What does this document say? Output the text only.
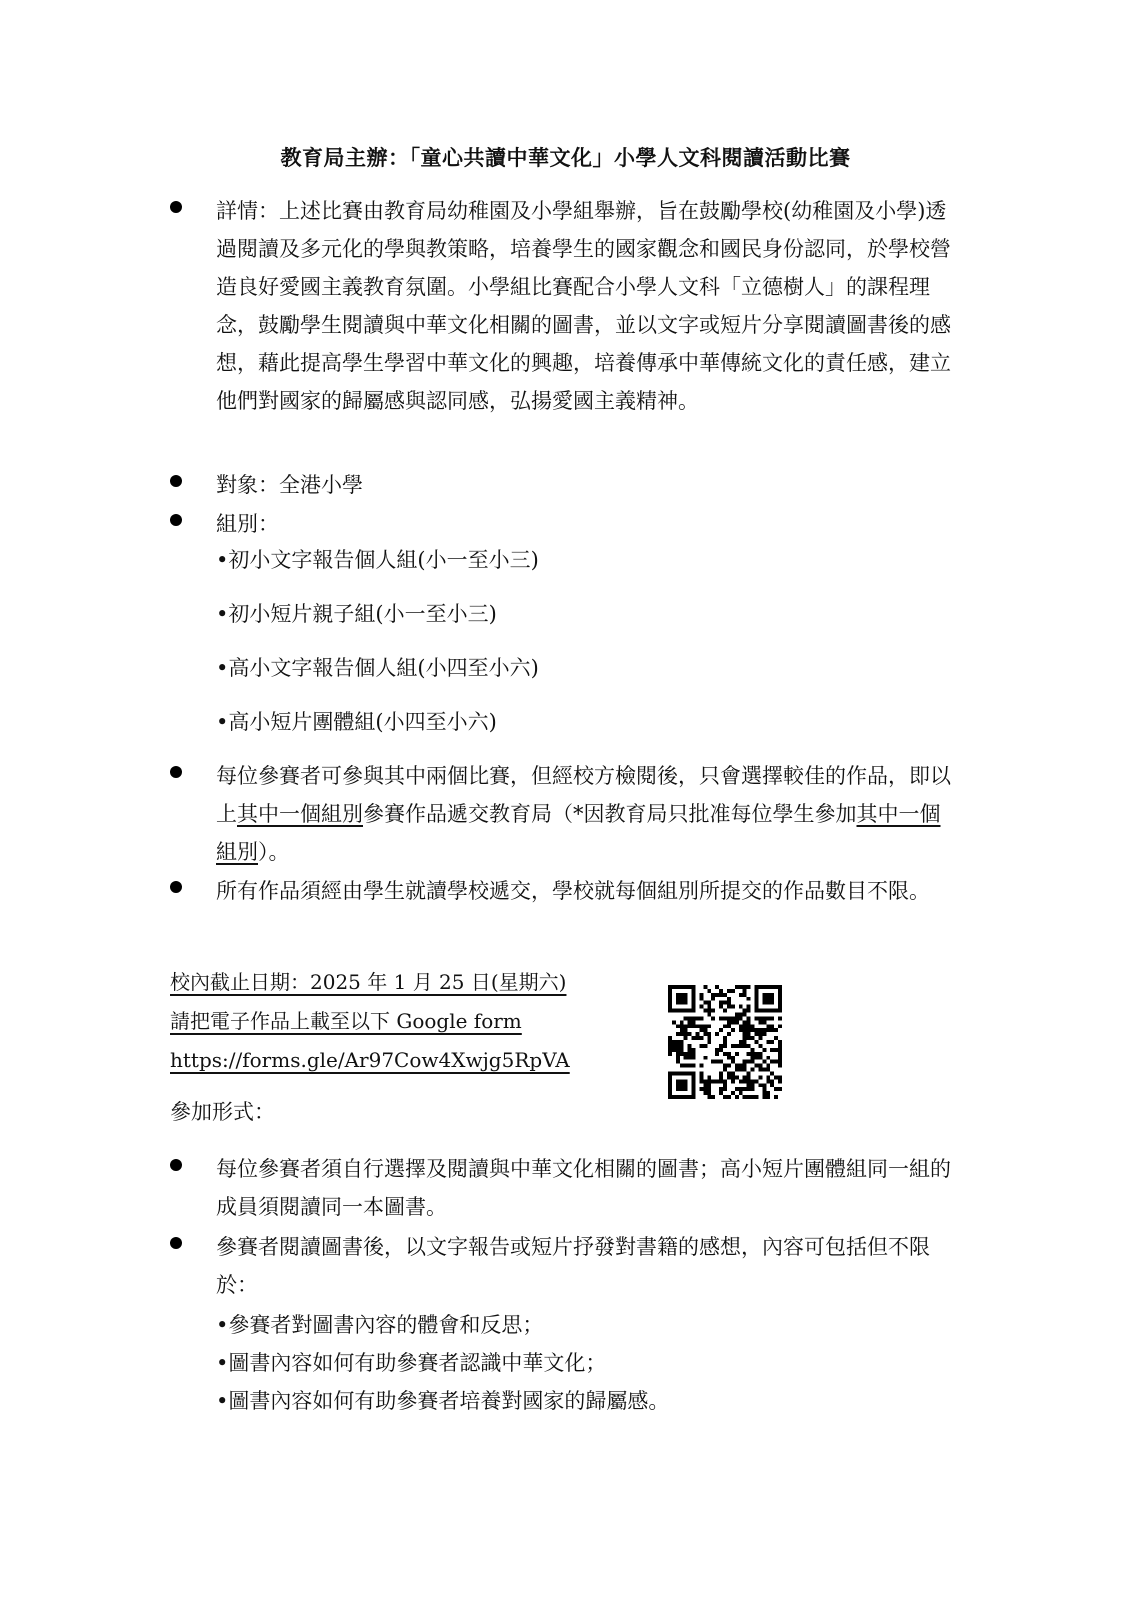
教育局主辦：「童心共讀中華文化」小學人文科閱讀活動比賽
詳情：上述比賽由教育局幼稚園及小學組舉辦，旨在鼓勵學校(幼稚園及小學)透過閱讀及多元化的學與教策略，培養學生的國家觀念和國民身份認同，於學校營造良好愛國主義教育氛圍。小學組比賽配合小學人文科「立德樹人」的課程理念，鼓勵學生閱讀與中華文化相關的圖書，並以文字或短片分享閱讀圖書後的感想，藉此提高學生學習中華文化的興趣，培養傳承中華傳統文化的責任感，建立他們對國家的歸屬感與認同感，弘揚愛國主義精神。
對象：全港小學
組別：
•初小文字報告個人組(小一至小三)
•初小短片親子組(小一至小三)
•高小文字報告個人組(小四至小六)
•高小短片團體組(小四至小六)
每位參賽者可參與其中兩個比賽，但經校方檢閱後，只會選擇較佳的作品，即以上其中一個組別參賽作品遞交教育局（*因教育局只批准每位學生參加其中一個組別）。
所有作品須經由學生就讀學校遞交，學校就每個組別所提交的作品數目不限。
校內截止日期：2025 年 1 月 25 日(星期六)
請把電子作品上載至以下 Google form
https://forms.gle/Ar97Cow4Xwjg5RpVA
參加形式：
每位參賽者須自行選擇及閱讀與中華文化相關的圖書；高小短片團體組同一組的成員須閱讀同一本圖書。
參賽者閱讀圖書後，以文字報告或短片抒發對書籍的感想，內容可包括但不限於：
•參賽者對圖書內容的體會和反思；
•圖書內容如何有助參賽者認識中華文化；
•圖書內容如何有助參賽者培養對國家的歸屬感。
